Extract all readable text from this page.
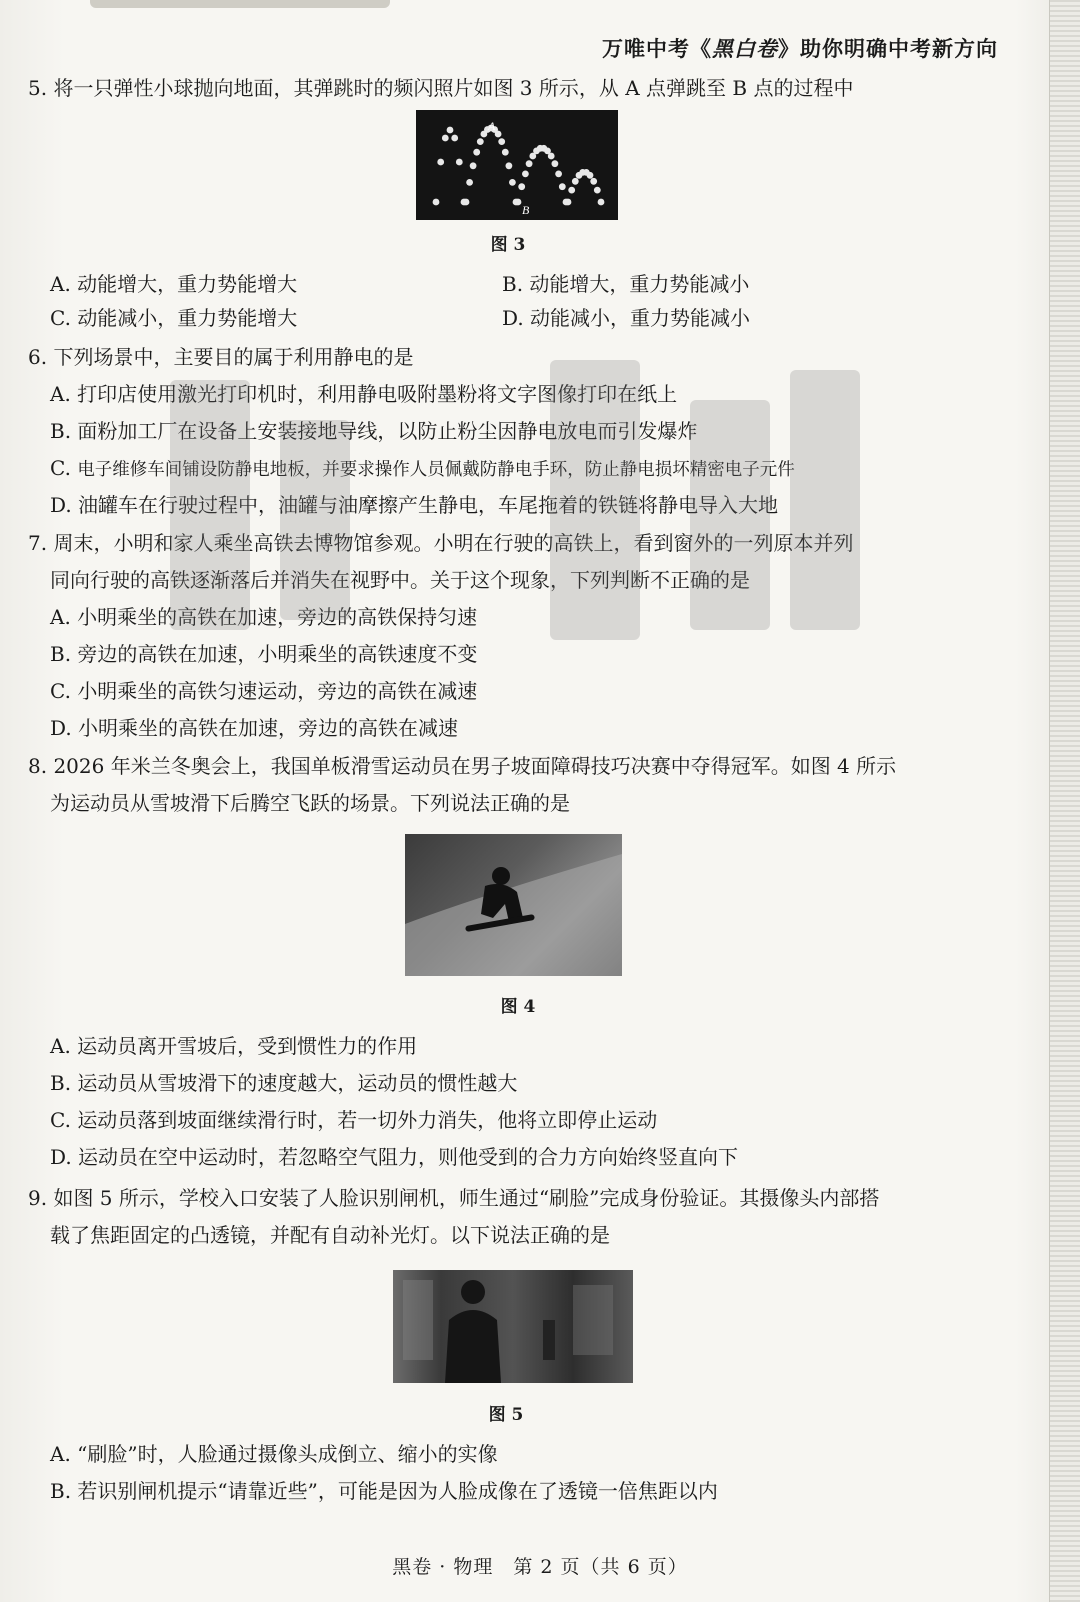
万唯中考《黑白卷》助你明确中考新方向
5. 将一只弹性小球抛向地面，其弹跳时的频闪照片如图 3 所示，从 A 点弹跳至 B 点的过程中
A
B
图 3
A. 动能增大，重力势能增大	B. 动能增大，重力势能减小
C. 动能减小，重力势能增大	D. 动能减小，重力势能减小
6. 下列场景中，主要目的属于利用静电的是
A. 打印店使用激光打印机时，利用静电吸附墨粉将文字图像打印在纸上
B. 面粉加工厂在设备上安装接地导线，以防止粉尘因静电放电而引发爆炸
C. 电子维修车间铺设防静电地板，并要求操作人员佩戴防静电手环，防止静电损坏精密电子元件
D. 油罐车在行驶过程中，油罐与油摩擦产生静电，车尾拖着的铁链将静电导入大地
7. 周末，小明和家人乘坐高铁去博物馆参观。小明在行驶的高铁上，看到窗外的一列原本并列
同向行驶的高铁逐渐落后并消失在视野中。关于这个现象，下列判断不正确的是
A. 小明乘坐的高铁在加速，旁边的高铁保持匀速
B. 旁边的高铁在加速，小明乘坐的高铁速度不变
C. 小明乘坐的高铁匀速运动，旁边的高铁在减速
D. 小明乘坐的高铁在加速，旁边的高铁在减速
8. 2026 年米兰冬奥会上，我国单板滑雪运动员在男子坡面障碍技巧决赛中夺得冠军。如图 4 所示
为运动员从雪坡滑下后腾空飞跃的场景。下列说法正确的是
图 4
A. 运动员离开雪坡后，受到惯性力的作用
B. 运动员从雪坡滑下的速度越大，运动员的惯性越大
C. 运动员落到坡面继续滑行时，若一切外力消失，他将立即停止运动
D. 运动员在空中运动时，若忽略空气阻力，则他受到的合力方向始终竖直向下
9. 如图 5 所示，学校入口安装了人脸识别闸机，师生通过“刷脸”完成身份验证。其摄像头内部搭
载了焦距固定的凸透镜，并配有自动补光灯。以下说法正确的是
图 5
A. “刷脸”时，人脸通过摄像头成倒立、缩小的实像
B. 若识别闸机提示“请靠近些”，可能是因为人脸成像在了透镜一倍焦距以内
黑卷 · 物理　第 2 页（共 6 页）
